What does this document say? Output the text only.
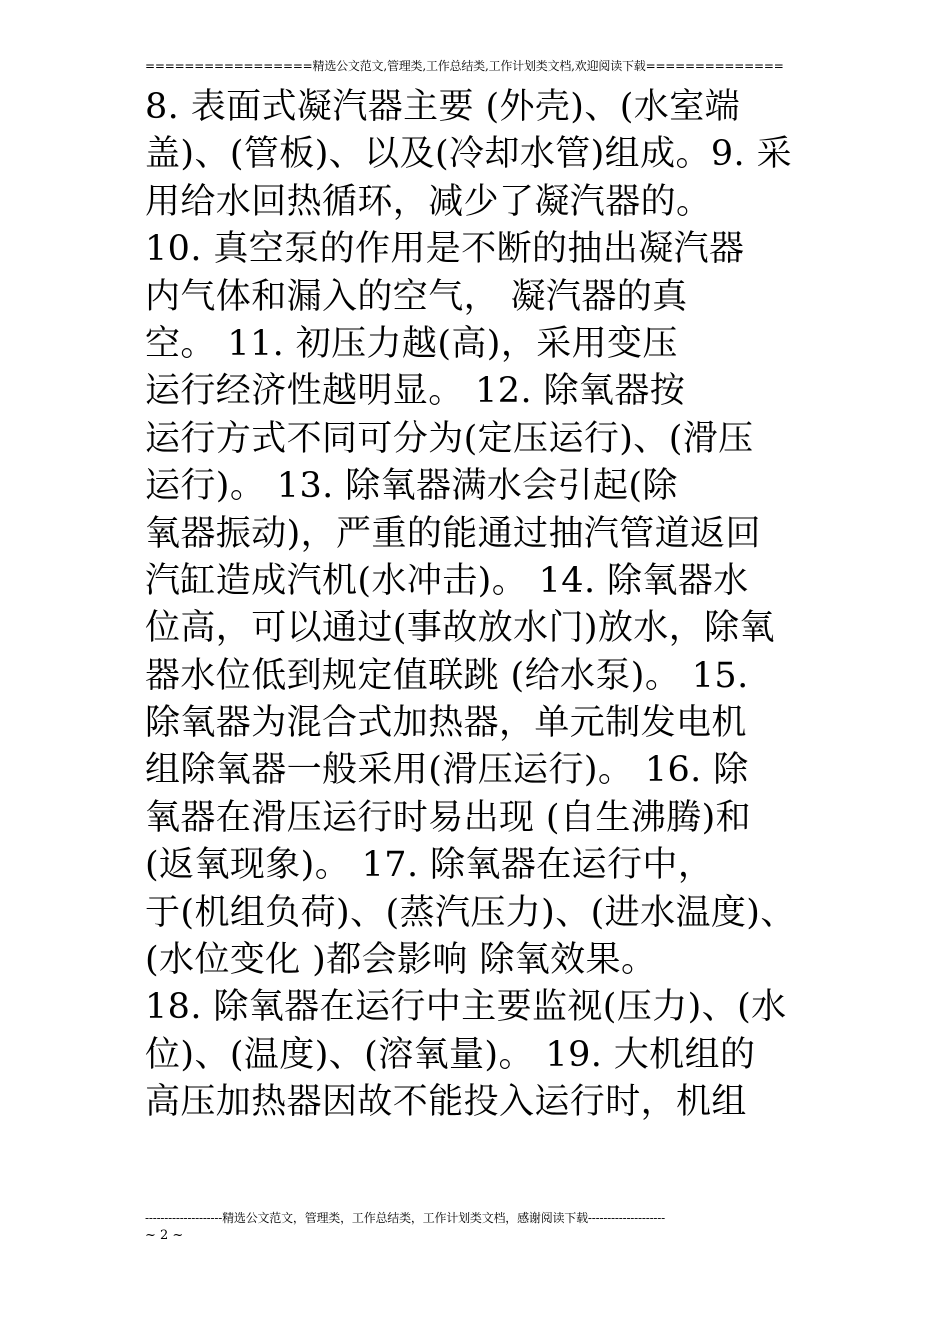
=================精选公文范文,管理类,工作总结类,工作计划类文档,欢迎阅读下载==============
8. 表面式凝汽器主要 (外壳)、(水室端
盖)、(管板)、以及(冷却水管)组成。9. 采
用给水回热循环，减少了凝汽器的。
10. 真空泵的作用是不断的抽出凝汽器
内气体和漏入的空气， 凝汽器的真
空。 11. 初压力越(高)，采用变压
运行经济性越明显。 12. 除氧器按
运行方式不同可分为(定压运行)、(滑压
运行)。 13. 除氧器满水会引起(除
氧器振动)，严重的能通过抽汽管道返回
汽缸造成汽机(水冲击)。 14. 除氧器水
位高，可以通过(事故放水门)放水，除氧
器水位低到规定值联跳 (给水泵)。 15.
除氧器为混合式加热器，单元制发电机
组除氧器一般采用(滑压运行)。 16. 除
氧器在滑压运行时易出现 (自生沸腾)和
(返氧现象)。 17. 除氧器在运行中，
于(机组负荷)、(蒸汽压力)、(进水温度)、
(水位变化 )都会影响 除氧效果。
18. 除氧器在运行中主要监视(压力)、(水
位)、(温度)、(溶氧量)。 19. 大机组的
高压加热器因故不能投入运行时，机组
--------------------精选公文范文，管理类，工作总结类，工作计划类文档，感谢阅读下载--------------------
~ 2 ~
